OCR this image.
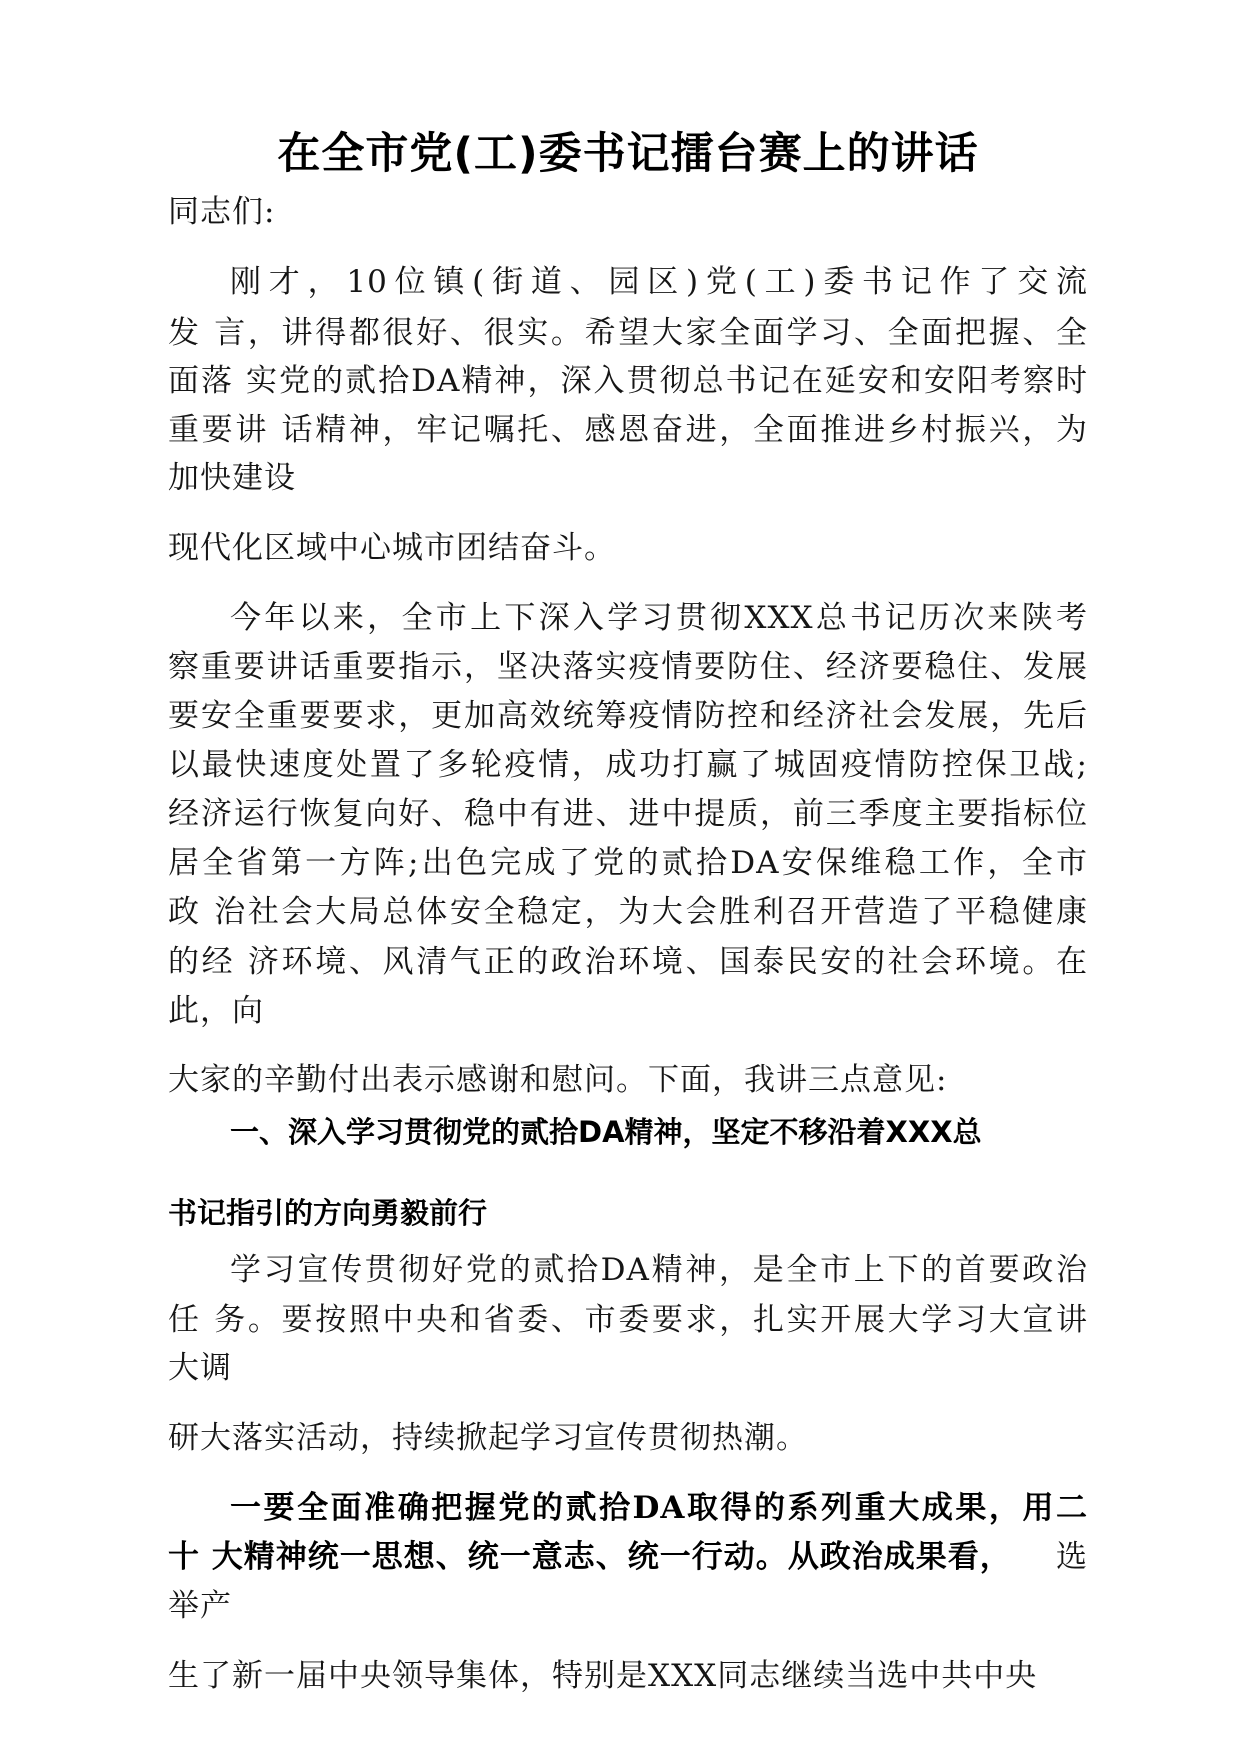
在全市党(工)委书记擂台赛上的讲话
同志们:
刚才，10位镇(街道、园区)党(工)委书记作了交流
发 言，讲得都很好、很实。希望大家全面学习、全面把握、全
面落 实党的贰拾DA精神，深入贯彻总书记在延安和安阳考察时
重要讲 话精神，牢记嘱托、感恩奋进，全面推进乡村振兴，为
加快建设
现代化区域中心城市团结奋斗。
今年以来，全市上下深入学习贯彻XXX总书记历次来陕考
察重要讲话重要指示，坚决落实疫情要防住、经济要稳住、发展
要安全重要要求，更加高效统筹疫情防控和经济社会发展，先后
以最快速度处置了多轮疫情，成功打赢了城固疫情防控保卫战;
经济运行恢复向好、稳中有进、进中提质，前三季度主要指标位
居全省第一方阵;出色完成了党的贰拾DA安保维稳工作，全市
政 治社会大局总体安全稳定，为大会胜利召开营造了平稳健康
的经 济环境、风清气正的政治环境、国泰民安的社会环境。在
此，向
大家的辛勤付出表示感谢和慰问。下面，我讲三点意见:
一、深入学习贯彻党的贰拾DA精神，坚定不移沿着XXX总
书记指引的方向勇毅前行
学习宣传贯彻好党的贰拾DA精神，是全市上下的首要政治
任 务。要按照中央和省委、市委要求，扎实开展大学习大宣讲
大调
研大落实活动，持续掀起学习宣传贯彻热潮。
一要全面准确把握党的贰拾DA取得的系列重大成果，用二
十 大精神统一思想、统一意志、统一行动。从政治成果看， 选
举产
生了新一届中央领导集体，特别是XXX同志继续当选中共中央
